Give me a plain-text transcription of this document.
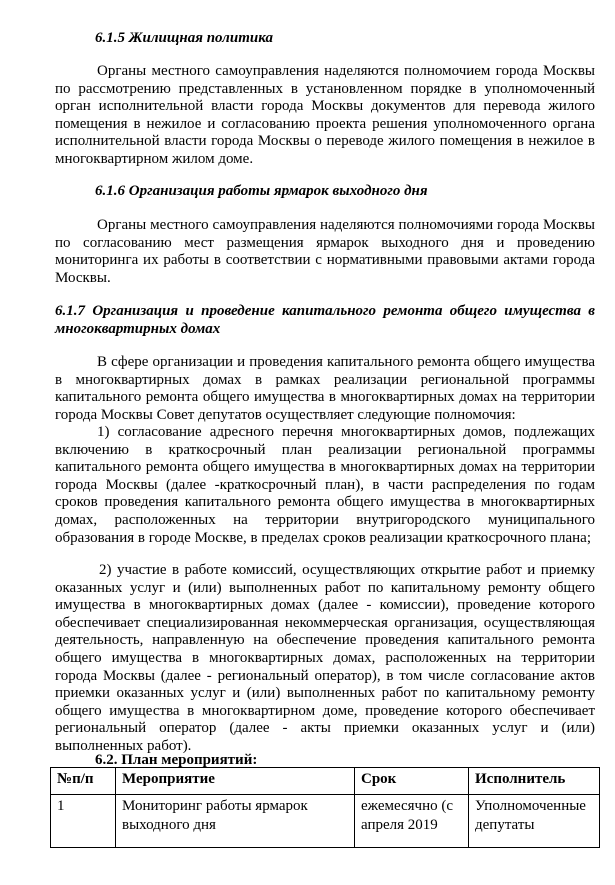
6.1.5 Жилищная политика

Органы местного самоуправления наделяются полномочием города Москвы по рассмотрению представленных в установленном порядке в уполномоченный орган исполнительной власти города Москвы документов для перевода жилого помещения в нежилое и согласованию проекта решения уполномоченного органа исполнительной власти города Москвы о переводе жилого помещения в нежилое в многоквартирном жилом доме.

6.1.6 Организация работы ярмарок выходного дня

Органы местного самоуправления наделяются полномочиями города Москвы по согласованию мест размещения ярмарок выходного дня и проведению мониторинга их работы в соответствии с нормативными правовыми актами города Москвы.

6.1.7 Организация и проведение капитального ремонта общего имущества в многоквартирных домах

В сфере организации и проведения капитального ремонта общего имущества в многоквартирных домах в рамках реализации региональной программы капитального ремонта общего имущества в многоквартирных домах на территории города Москвы Совет депутатов осуществляет следующие полномочия:

1) согласование адресного перечня многоквартирных домов, подлежащих включению в краткосрочный план реализации региональной программы капитального ремонта общего имущества в многоквартирных домах на территории города Москвы (далее -краткосрочный план), в части распределения по годам сроков проведения капитального ремонта общего имущества в многоквартирных домах, расположенных на территории внутригородского муниципального образования в городе Москве, в пределах сроков реализации краткосрочного плана;

2) участие в работе комиссий, осуществляющих открытие работ и приемку оказанных услуг и (или) выполненных работ по капитальному ремонту общего имущества в многоквартирных домах (далее - комиссии), проведение которого обеспечивает специализированная некоммерческая организация, осуществляющая деятельность, направленную на обеспечение проведения капитального ремонта общего имущества в многоквартирных домах, расположенных на территории города Москвы (далее - региональный оператор), в том числе согласование актов приемки оказанных услуг и (или) выполненных работ по капитальному ремонту общего имущества в многоквартирном доме, проведение которого обеспечивает региональный оператор (далее - акты приемки оказанных услуг и (или) выполненных работ).

6.2. План мероприятий:

№п/п	Мероприятие	Срок	Исполнитель
1	Мониторинг работы ярмарок выходного дня	ежемесячно (с апреля 2019	Уполномоченные депутаты
